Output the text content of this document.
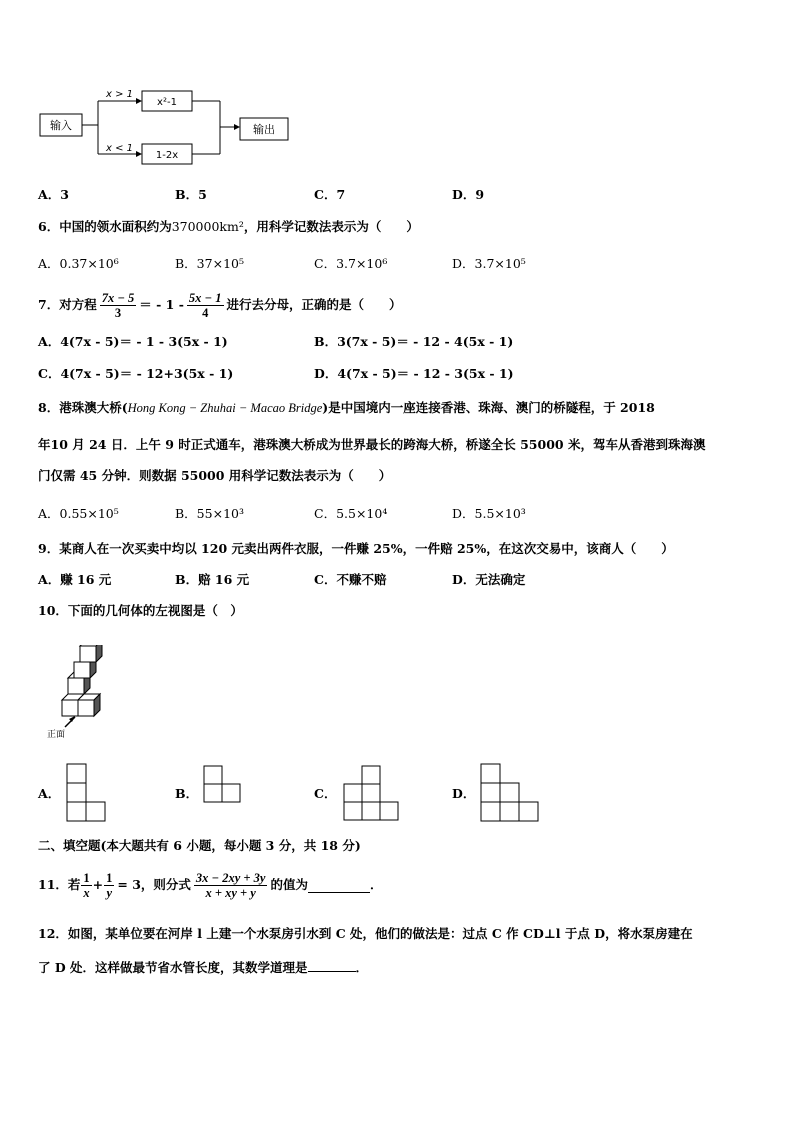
输入
x > 1
x < 1
x²-1
1-2x
输出
A．3	B．5	C．7	D．9
6．中国的领水面积约为370000km²，用科学记数法表示为（　　）
A．0.37×10⁶	B．37×10⁵	C．3.7×10⁶	D．3.7×10⁵
7．对方程 $\frac{7x - 5}{3}$ ＝ - $1 - \frac{5x - 1}{4}$ 进行去分母，正确的是（　　）
A．4(7x - 5)＝ - 1 - 3(5x - 1)	B．3(7x - 5)＝ - 12 - 4(5x - 1)
C．4(7x - 5)＝ - 12+3(5x - 1)	D．4(7x - 5)＝ - 12 - 3(5x - 1)
8．港珠澳大桥(Hong Kong − Zhuhai − Macao Bridge)是中国境内一座连接香港、珠海、澳门的桥隧程，于 2018
年10 月 24 日．上午 9 时正式通车，港珠澳大桥成为世界最长的跨海大桥，桥遂全长 55000 米，驾车从香港到珠海澳
门仅需 45 分钟．则数据 55000 用科学记数法表示为（　　）
A．0.55×10⁵	B．55×10³	C．5.5×10⁴	D．5.5×10³
9．某商人在一次买卖中均以 120 元卖出两件衣服，一件赚 25%，一件赔 25%，在这次交易中，该商人（　　）
A．赚 16 元	B．赔 16 元	C．不赚不赔	D．无法确定
10．下面的几何体的左视图是（　）
正面
A．	B．	C．	D．
二、填空题(本大题共有 6 小题，每小题 3 分，共 18 分)
11．若 $\frac{1}{x} + \frac{1}{y} = 3$，则分式 $\frac{3x - 2xy + 3y}{x + xy + y}$ 的值为	．
12．如图，某单位要在河岸 l 上建一个水泵房引水到 C 处，他们的做法是：过点 C 作 CD⊥l 于点 D，将水泵房建在
了 D 处．这样做最节省水管长度，其数学道理是	．
